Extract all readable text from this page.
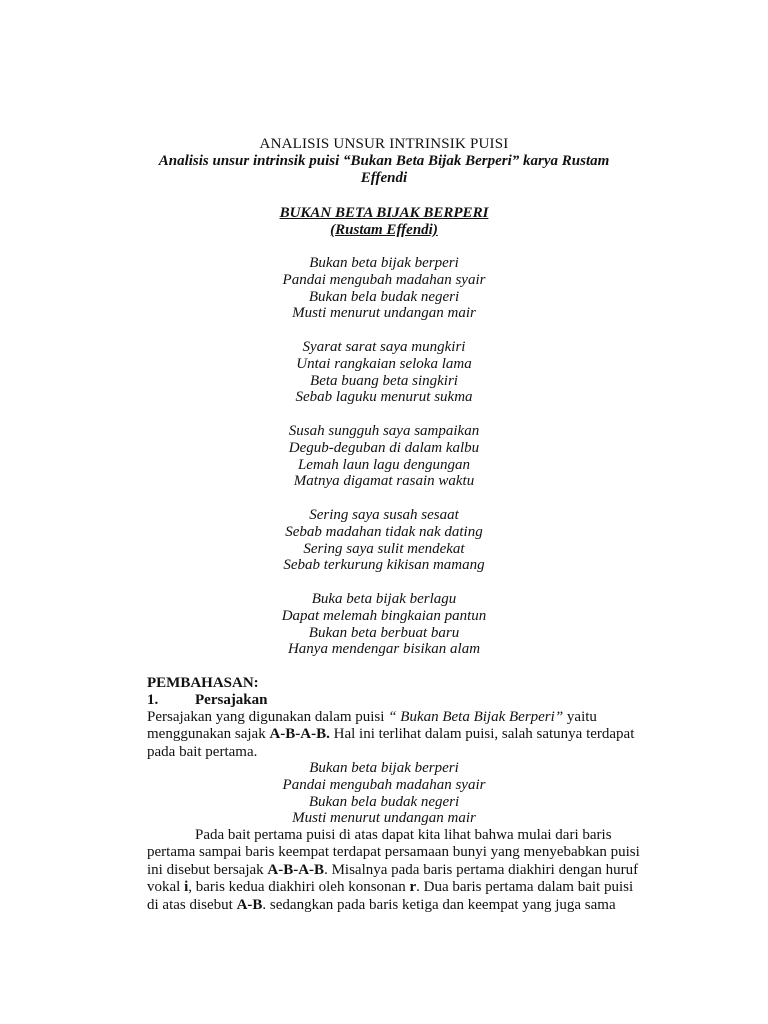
ANALISIS UNSUR INTRINSIK PUISI
Analisis unsur intrinsik puisi “Bukan Beta Bijak Berperi” karya Rustam Effendi
BUKAN BETA BIJAK BERPERI
(Rustam Effendi)
Bukan beta bijak berperi
Pandai mengubah madahan syair
Bukan bela budak negeri
Musti menurut undangan mair
Syarat sarat saya mungkiri
Untai rangkaian seloka lama
Beta buang beta singkiri
Sebab laguku menurut sukma
Susah sungguh saya sampaikan
Degub-deguban di dalam kalbu
Lemah laun lagu dengungan
Matnya digamat rasain waktu
Sering saya susah sesaat
Sebab madahan tidak nak dating
Sering saya sulit mendekat
Sebab terkurung kikisan mamang
Buka beta bijak berlagu
Dapat melemah bingkaian pantun
Bukan beta berbuat baru
Hanya mendengar bisikan alam
PEMBAHASAN:
1. Persajakan
Persajakan yang digunakan dalam puisi “ Bukan Beta Bijak Berperi” yaitu
menggunakan sajak A-B-A-B. Hal ini terlihat dalam puisi, salah satunya terdapat
pada bait pertama.
Bukan beta bijak berperi
Pandai mengubah madahan syair
Bukan bela budak negeri
Musti menurut undangan mair
Pada bait pertama puisi di atas dapat kita lihat bahwa mulai dari baris
pertama sampai baris keempat terdapat persamaan bunyi yang menyebabkan puisi
ini disebut bersajak A-B-A-B. Misalnya pada baris pertama diakhiri dengan huruf
vokal i, baris kedua diakhiri oleh konsonan r. Dua baris pertama dalam bait puisi
di atas disebut A-B. sedangkan pada baris ketiga dan keempat yang juga sama
